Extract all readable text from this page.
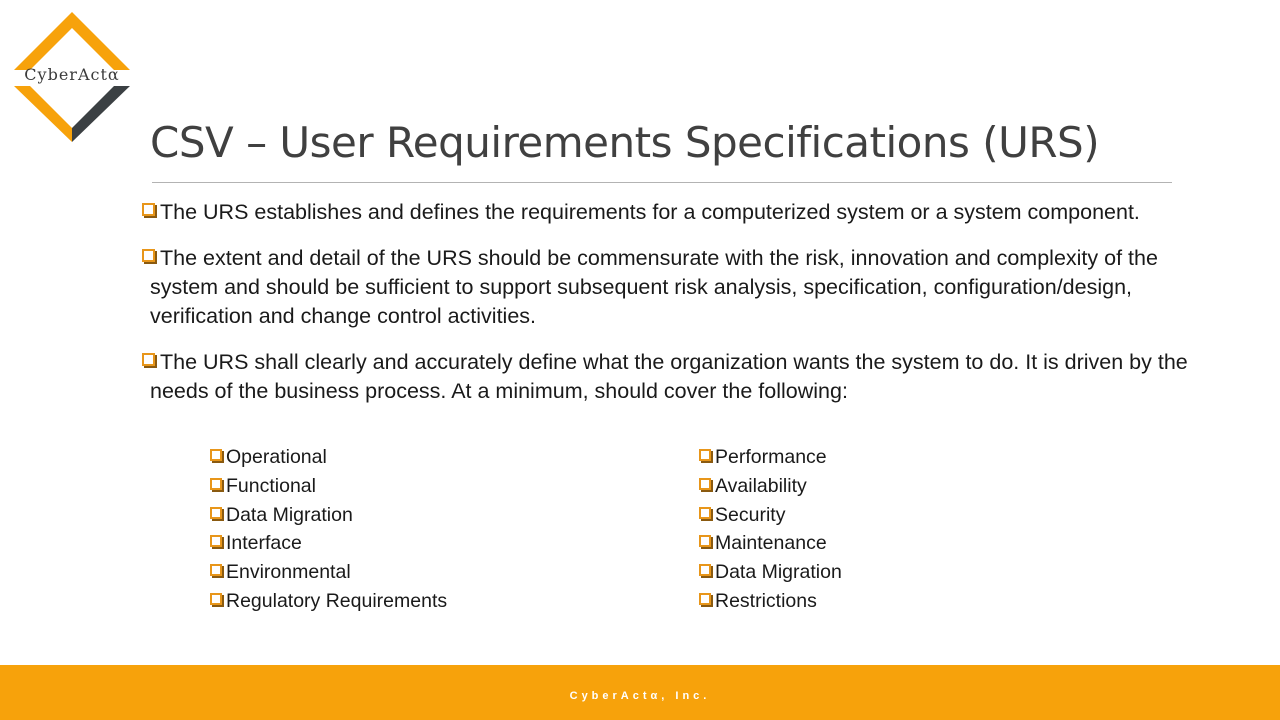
CyberActα
CSV – User Requirements Specifications (URS)

The URS establishes and defines the requirements for a computerized system or a system component.

The extent and detail of the URS should be commensurate with the risk, innovation and complexity of the system and should be sufficient to support subsequent risk analysis, specification, configuration/design, verification and change control activities.

The URS shall clearly and accurately define what the organization wants the system to do. It is driven by the needs of the business process. At a minimum, should cover the following:

Operational
Functional
Data Migration
Interface
Environmental
Regulatory Requirements
Performance
Availability
Security
Maintenance
Data Migration
Restrictions
CyberActα, Inc.
